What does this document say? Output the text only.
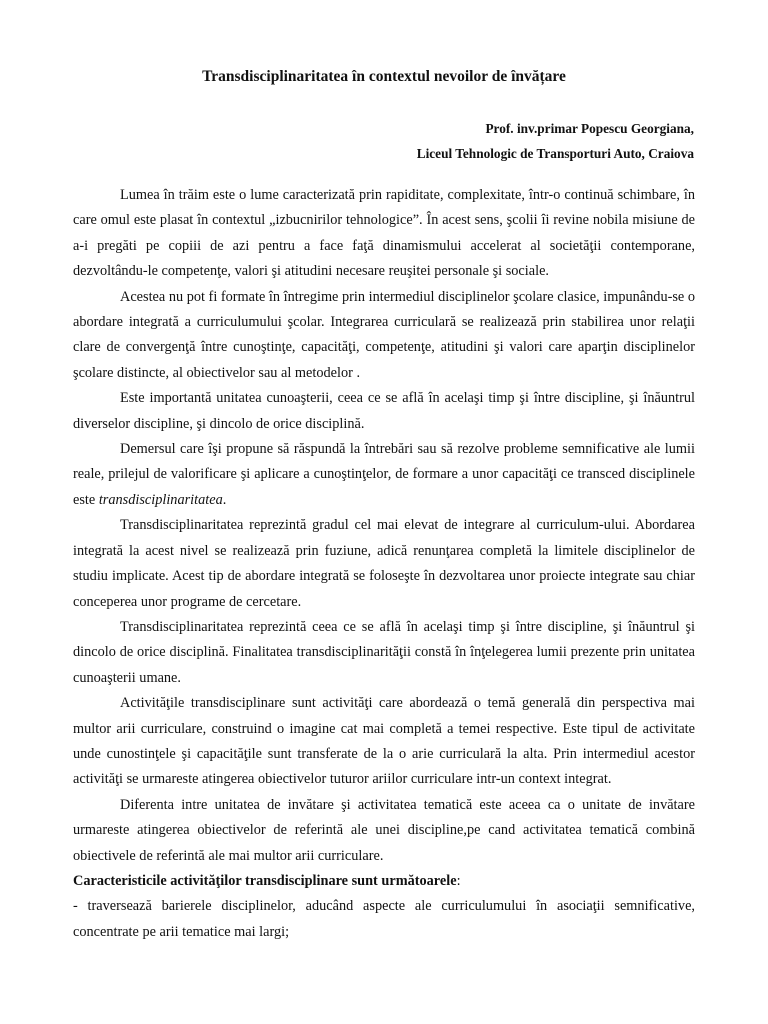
Transdisciplinaritatea în contextul nevoilor de învățare
Prof. inv.primar Popescu Georgiana,
Liceul Tehnologic de Transporturi Auto, Craiova

Lumea în trăim este o lume caracterizată prin rapiditate, complexitate, într-o continuă schimbare, în care omul este plasat în contextul „izbucnirilor tehnologice”. În acest sens, şcolii îi revine nobila misiune de a-i pregăti pe copiii de azi pentru a face faţă dinamismului accelerat al societăţii contemporane, dezvoltându-le competenţe, valori şi atitudini necesare reuşitei personale şi sociale.

Acestea nu pot fi formate în întregime prin intermediul disciplinelor şcolare clasice, impunându-se o abordare integrată a curriculumului şcolar. Integrarea curriculară se realizează prin stabilirea unor relaţii clare de convergenţă între cunoştinţe, capacităţi, competenţe, atitudini şi valori care aparţin disciplinelor şcolare distincte, al obiectivelor sau al metodelor .

Este importantă unitatea cunoaşterii, ceea ce se află în acelaşi timp şi între discipline, şi înăuntrul diverselor discipline, şi dincolo de orice disciplină.

Demersul care îşi propune să răspundă la întrebări sau să rezolve probleme semnificative ale lumii reale, prilejul de valorificare şi aplicare a cunoştinţelor, de formare a unor capacităţi ce transced disciplinele este transdisciplinaritatea.

Transdisciplinaritatea reprezintă gradul cel mai elevat de integrare al curriculum-ului. Abordarea integrată la acest nivel se realizează prin fuziune, adică renunţarea completă la limitele disciplinelor de studiu implicate. Acest tip de abordare integrată se foloseşte în dezvoltarea unor proiecte integrate sau chiar conceperea unor programe de cercetare.

Transdisciplinaritatea reprezintă ceea ce se află în acelaşi timp şi între discipline, şi înăuntrul şi dincolo de orice disciplină. Finalitatea transdisciplinarităţii constă în înţelegerea lumii prezente prin unitatea cunoaşterii umane.

Activităţile transdisciplinare sunt activităţi care abordează o temă generală din perspectiva mai multor arii curriculare, construind o imagine cat mai completă a temei respective. Este tipul de activitate unde cunostinţele şi capacităţile sunt transferate de la o arie curriculară la alta. Prin intermediul acestor activităţi se urmareste atingerea obiectivelor tuturor ariilor curriculare intr-un context integrat.

Diferenta intre unitatea de invătare şi activitatea tematică este aceea ca o unitate de invătare urmareste atingerea obiectivelor de referintă ale unei discipline,pe cand activitatea tematică combină obiectivele de referintă ale mai multor arii curriculare.

Caracteristicile activităţilor transdisciplinare sunt următoarele:

- traversează barierele disciplinelor, aducând aspecte ale curriculumului în asociaţii semnificative, concentrate pe arii tematice mai largi;
